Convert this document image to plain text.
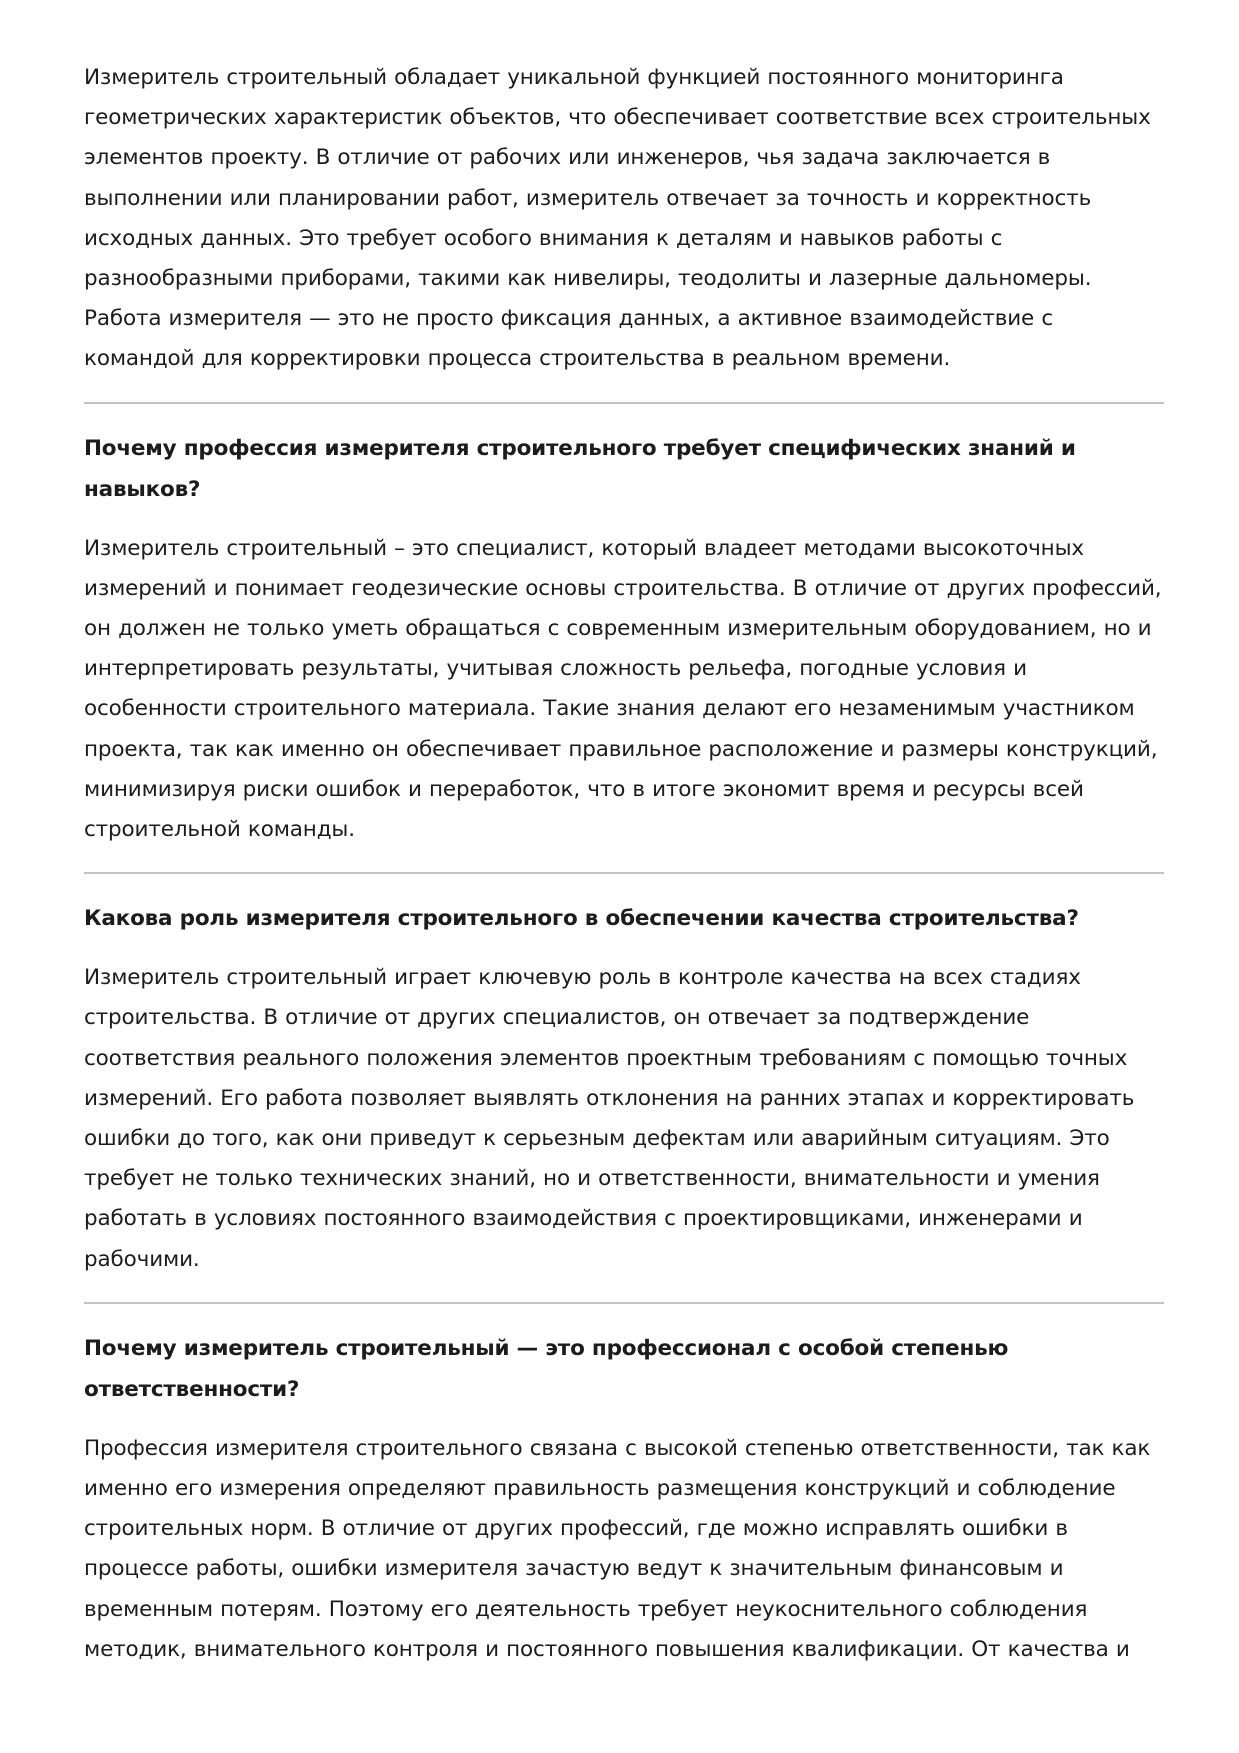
Измеритель строительный обладает уникальной функцией постоянного мониторинга геометрических характеристик объектов, что обеспечивает соответствие всех строительных элементов проекту. В отличие от рабочих или инженеров, чья задача заключается в выполнении или планировании работ, измеритель отвечает за точность и корректность исходных данных. Это требует особого внимания к деталям и навыков работы с разнообразными приборами, такими как нивелиры, теодолиты и лазерные дальномеры. Работа измерителя — это не просто фиксация данных, а активное взаимодействие с командой для корректировки процесса строительства в реальном времени.

Почему профессия измерителя строительного требует специфических знаний и навыков?

Измеритель строительный – это специалист, который владеет методами высокоточных измерений и понимает геодезические основы строительства. В отличие от других профессий, он должен не только уметь обращаться с современным измерительным оборудованием, но и интерпретировать результаты, учитывая сложность рельефа, погодные условия и особенности строительного материала. Такие знания делают его незаменимым участником проекта, так как именно он обеспечивает правильное расположение и размеры конструкций, минимизируя риски ошибок и переработок, что в итоге экономит время и ресурсы всей строительной команды.

Какова роль измерителя строительного в обеспечении качества строительства?

Измеритель строительный играет ключевую роль в контроле качества на всех стадиях строительства. В отличие от других специалистов, он отвечает за подтверждение соответствия реального положения элементов проектным требованиям с помощью точных измерений. Его работа позволяет выявлять отклонения на ранних этапах и корректировать ошибки до того, как они приведут к серьезным дефектам или аварийным ситуациям. Это требует не только технических знаний, но и ответственности, внимательности и умения работать в условиях постоянного взаимодействия с проектировщиками, инженерами и рабочими.

Почему измеритель строительный — это профессионал с особой степенью ответственности?

Профессия измерителя строительного связана с высокой степенью ответственности, так как именно его измерения определяют правильность размещения конструкций и соблюдение строительных норм. В отличие от других профессий, где можно исправлять ошибки в процессе работы, ошибки измерителя зачастую ведут к значительным финансовым и временным потерям. Поэтому его деятельность требует неукоснительного соблюдения методик, внимательного контроля и постоянного повышения квалификации. От качества и
